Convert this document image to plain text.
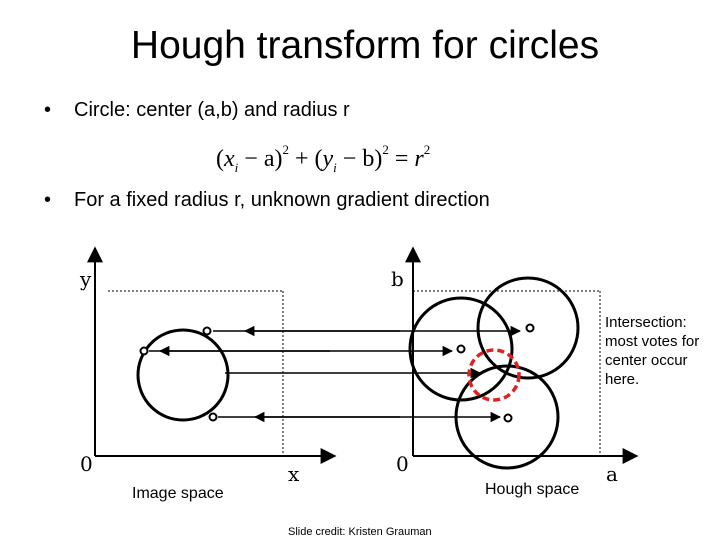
Hough transform for circles
• Circle: center (a,b) and radius r
$(x_i - a)^2 + (y_i - b)^2 = r^2$
• For a fixed radius r, unknown gradient direction
y
x
0
b
a
0
Intersection: most votes for center occur here.
Image space	Hough space
Slide credit: Kristen Grauman
